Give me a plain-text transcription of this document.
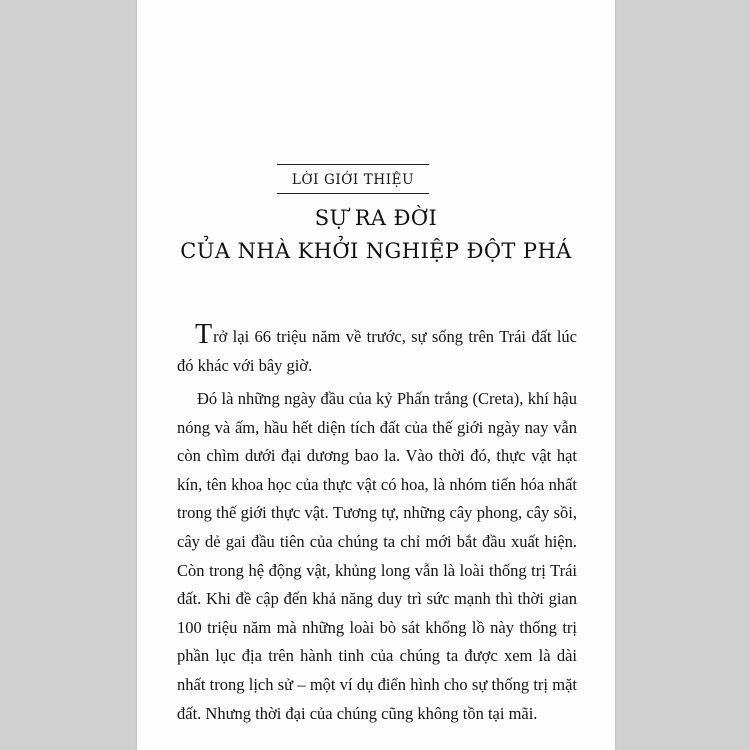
LỜI GIỚI THIỆU
SỰ RA ĐỜI
CỦA NHÀ KHỞI NGHIỆP ĐỘT PHÁ

Trở lại 66 triệu năm về trước, sự sống trên Trái đất lúc đó khác với bây giờ.

Đó là những ngày đầu của kỷ Phấn trắng (Creta), khí hậu nóng và ấm, hầu hết diện tích đất của thế giới ngày nay vẫn còn chìm dưới đại dương bao la. Vào thời đó, thực vật hạt kín, tên khoa học của thực vật có hoa, là nhóm tiến hóa nhất trong thế giới thực vật. Tương tự, những cây phong, cây sồi, cây dẻ gai đầu tiên của chúng ta chỉ mới bắt đầu xuất hiện. Còn trong hệ động vật, khủng long vẫn là loài thống trị Trái đất. Khi đề cập đến khả năng duy trì sức mạnh thì thời gian 100 triệu năm mà những loài bò sát khổng lồ này thống trị phần lục địa trên hành tinh của chúng ta được xem là dài nhất trong lịch sử – một ví dụ điển hình cho sự thống trị mặt đất. Nhưng thời đại của chúng cũng không tồn tại mãi.
